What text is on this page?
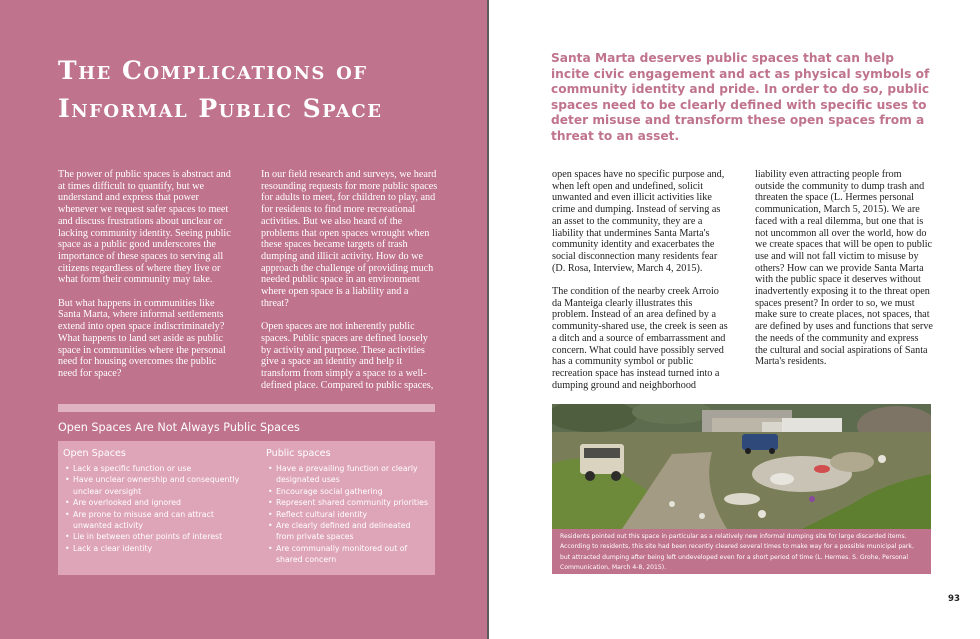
The Complications of
Informal Public Space

The power of public spaces is abstract and at times difficult to quantify, but we understand and express that power whenever we request safer spaces to meet and discuss frustrations about unclear or lacking community identity. Seeing public space as a public good underscores the importance of these spaces to serving all citizens regardless of where they live or what form their community may take.

But what happens in communities like Santa Marta, where informal settlements extend into open space indiscriminately? What happens to land set aside as public space in communities where the personal need for housing overcomes the public need for space?

In our field research and surveys, we heard resounding requests for more public spaces for adults to meet, for children to play, and for residents to find more recreational activities. But we also heard of the problems that open spaces wrought when these spaces became targets of trash dumping and illicit activity. How do we approach the challenge of providing much needed public space in an environment where open space is a liability and a threat?

Open spaces are not inherently public spaces. Public spaces are defined loosely by activity and purpose. These activities give a space an identity and help it transform from simply a space to a well-defined place. Compared to public spaces,

Open Spaces Are Not Always Public Spaces
Open Spaces
• Lack a specific function or use
• Have unclear ownership and consequently unclear oversight
• Are overlooked and ignored
• Are prone to misuse and can attract unwanted activity
• Lie in between other points of interest
• Lack a clear identity
Public spaces
• Have a prevailing function or clearly designated uses
• Encourage social gathering
• Represent shared community priorities
• Reflect cultural identity
• Are clearly defined and delineated from private spaces
• Are communally monitored out of shared concern
Santa Marta deserves public spaces that can help incite civic engagement and act as physical symbols of community identity and pride. In order to do so, public spaces need to be clearly defined with specific uses to deter misuse and transform these open spaces from a threat to an asset.

open spaces have no specific purpose and, when left open and undefined, solicit unwanted and even illicit activities like crime and dumping. Instead of serving as an asset to the community, they are a liability that undermines Santa Marta's community identity and exacerbates the social disconnection many residents fear (D. Rosa, Interview, March 4, 2015).

The condition of the nearby creek Arroio da Manteiga clearly illustrates this problem. Instead of an area defined by a community-shared use, the creek is seen as a ditch and a source of embarrassment and concern. What could have possibly served has a community symbol or public recreation space has instead turned into a dumping ground and neighborhood

liability even attracting people from outside the community to dump trash and threaten the space (L. Hermes personal communication, March 5, 2015). We are faced with a real dilemma, but one that is not uncommon all over the world, how do we create spaces that will be open to public use and will not fall victim to misuse by others? How can we provide Santa Marta with the public space it deserves without inadvertently exposing it to the threat open spaces present? In order to so, we must make sure to create places, not spaces, that are defined by uses and functions that serve the needs of the community and express the cultural and social aspirations of Santa Marta's residents.

Residents pointed out this space in particular as a relatively new informal dumping site for large discarded items. According to residents, this site had been recently cleared several times to make way for a possible municipal park, but attracted dumping after being left undeveloped even for a short period of time (L. Hermes. S. Grohe, Personal Communication, March 4-8, 2015).
93
